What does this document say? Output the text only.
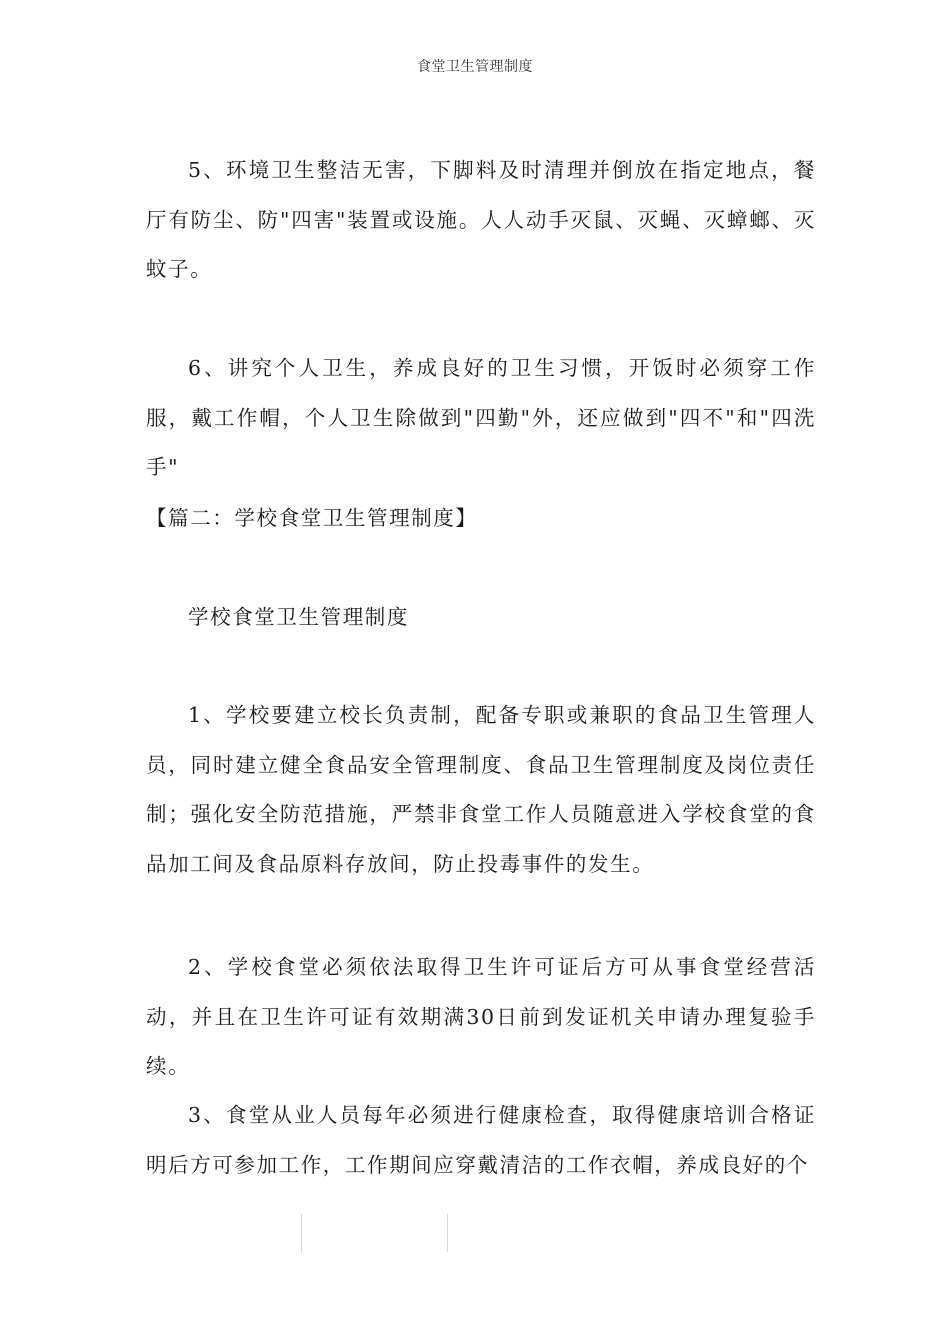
食堂卫生管理制度

5、环境卫生整洁无害，下脚料及时清理并倒放在指定地点，餐厅有防尘、防"四害"装置或设施。人人动手灭鼠、灭蝇、灭蟑螂、灭蚊子。

6、讲究个人卫生，养成良好的卫生习惯，开饭时必须穿工作服，戴工作帽，个人卫生除做到"四勤"外，还应做到"四不"和"四洗手"

【篇二：学校食堂卫生管理制度】

学校食堂卫生管理制度

1、学校要建立校长负责制，配备专职或兼职的食品卫生管理人员，同时建立健全食品安全管理制度、食品卫生管理制度及岗位责任制；强化安全防范措施，严禁非食堂工作人员随意进入学校食堂的食品加工间及食品原料存放间，防止投毒事件的发生。

2、学校食堂必须依法取得卫生许可证后方可从事食堂经营活动，并且在卫生许可证有效期满30日前到发证机关申请办理复验手续。

3、食堂从业人员每年必须进行健康检查，取得健康培训合格证明后方可参加工作，工作期间应穿戴清洁的工作衣帽，养成良好的个
